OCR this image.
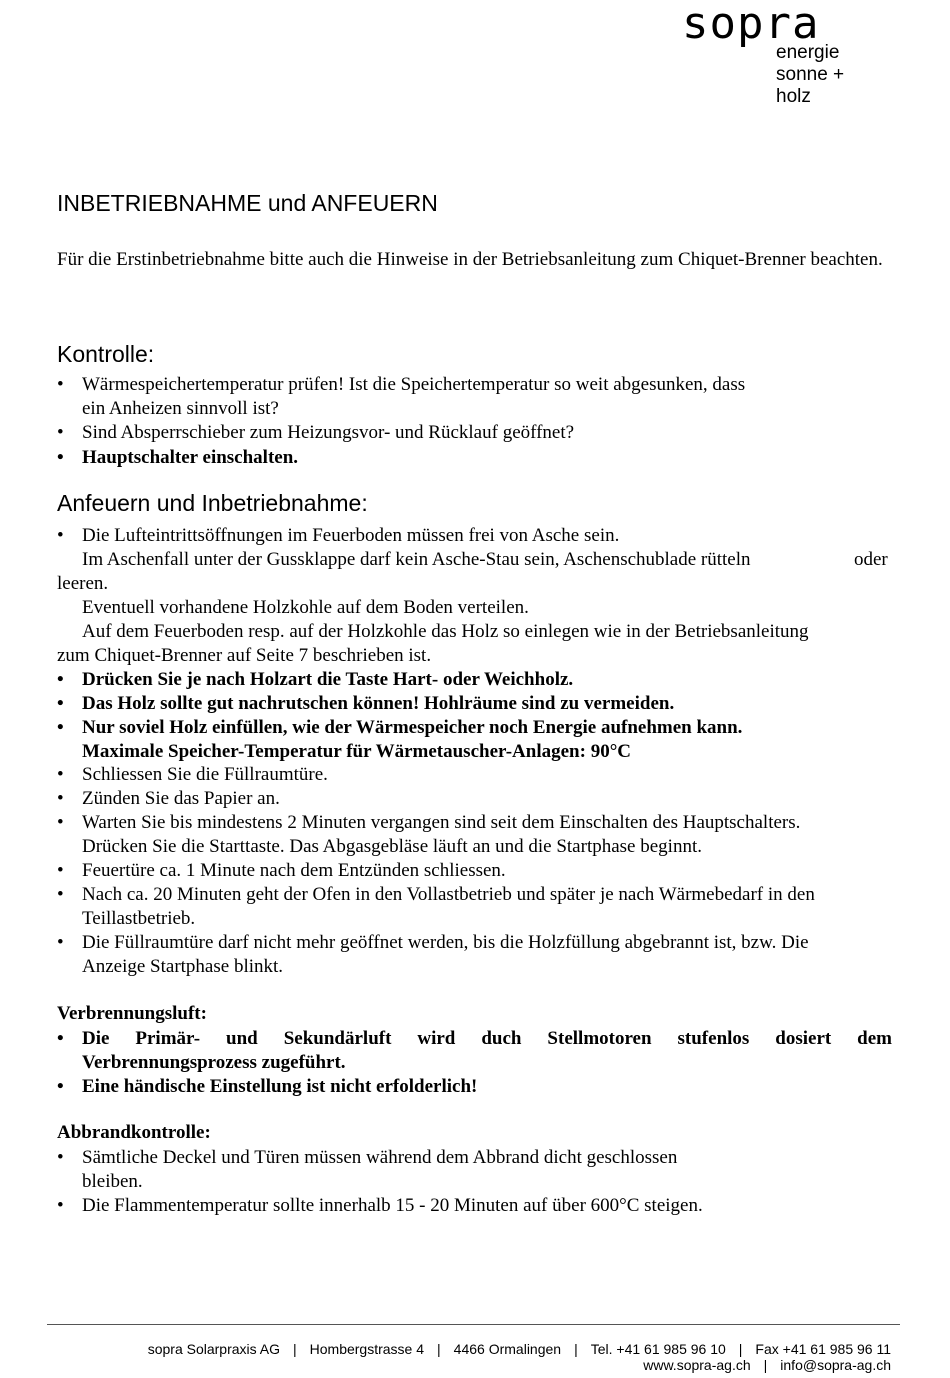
sopra
energie
sonne + holz
INBETRIEBNAHME und ANFEUERN

Für die Erstinbetriebnahme bitte auch die Hinweise in der Betriebsanleitung zum Chiquet-Brenner beachten.

Kontrolle:
• Wärmespeichertemperatur prüfen! Ist die Speichertemperatur so weit abgesunken, dass
ein Anheizen sinnvoll ist?
• Sind Absperrschieber zum Heizungsvor- und Rücklauf geöffnet?
• Hauptschalter einschalten.
Anfeuern und Inbetriebnahme:
• Die Lufteintrittsöffnungen im Feuerboden müssen frei von Asche sein.
Im Aschenfall unter der Gussklappe darf kein Asche-Stau sein, Aschenschublade rütteln	oder
leeren.
Eventuell vorhandene Holzkohle auf dem Boden verteilen.
Auf dem Feuerboden resp. auf der Holzkohle das Holz so einlegen wie in der Betriebsanleitung
zum Chiquet-Brenner auf Seite 7 beschrieben ist.
• Drücken Sie je nach Holzart die Taste Hart- oder Weichholz.
• Das Holz sollte gut nachrutschen können! Hohlräume sind zu vermeiden.
• Nur soviel Holz einfüllen, wie der Wärmespeicher noch Energie aufnehmen kann.
Maximale Speicher-Temperatur für Wärmetauscher-Anlagen: 90°C
• Schliessen Sie die Füllraumtüre.
• Zünden Sie das Papier an.
• Warten Sie bis mindestens 2 Minuten vergangen sind seit dem Einschalten des Hauptschalters.
Drücken Sie die Starttaste. Das Abgasgebläse läuft an und die Startphase beginnt.
• Feuertüre ca. 1 Minute nach dem Entzünden schliessen.
• Nach ca. 20 Minuten geht der Ofen in den Vollastbetrieb und später je nach Wärmebedarf in den
Teillastbetrieb.
• Die Füllraumtüre darf nicht mehr geöffnet werden, bis die Holzfüllung abgebrannt ist, bzw. Die
Anzeige Startphase blinkt.
Verbrennungsluft:
• Die Primär- und Sekundärluft wird duch Stellmotoren stufenlos dosiert dem
Verbrennungsprozess zugeführt.
• Eine händische Einstellung ist nicht erfolderlich!
Abbrandkontrolle:
• Sämtliche Deckel und Türen müssen während dem Abbrand dicht geschlossen
bleiben.
• Die Flammentemperatur sollte innerhalb 15 - 20 Minuten auf über 600°C steigen.
sopra Solarpraxis AG | Hombergstrasse 4 | 4466 Ormalingen | Tel. +41 61 985 96 10 | Fax +41 61 985 96 11
www.sopra-ag.ch | info@sopra-ag.ch
